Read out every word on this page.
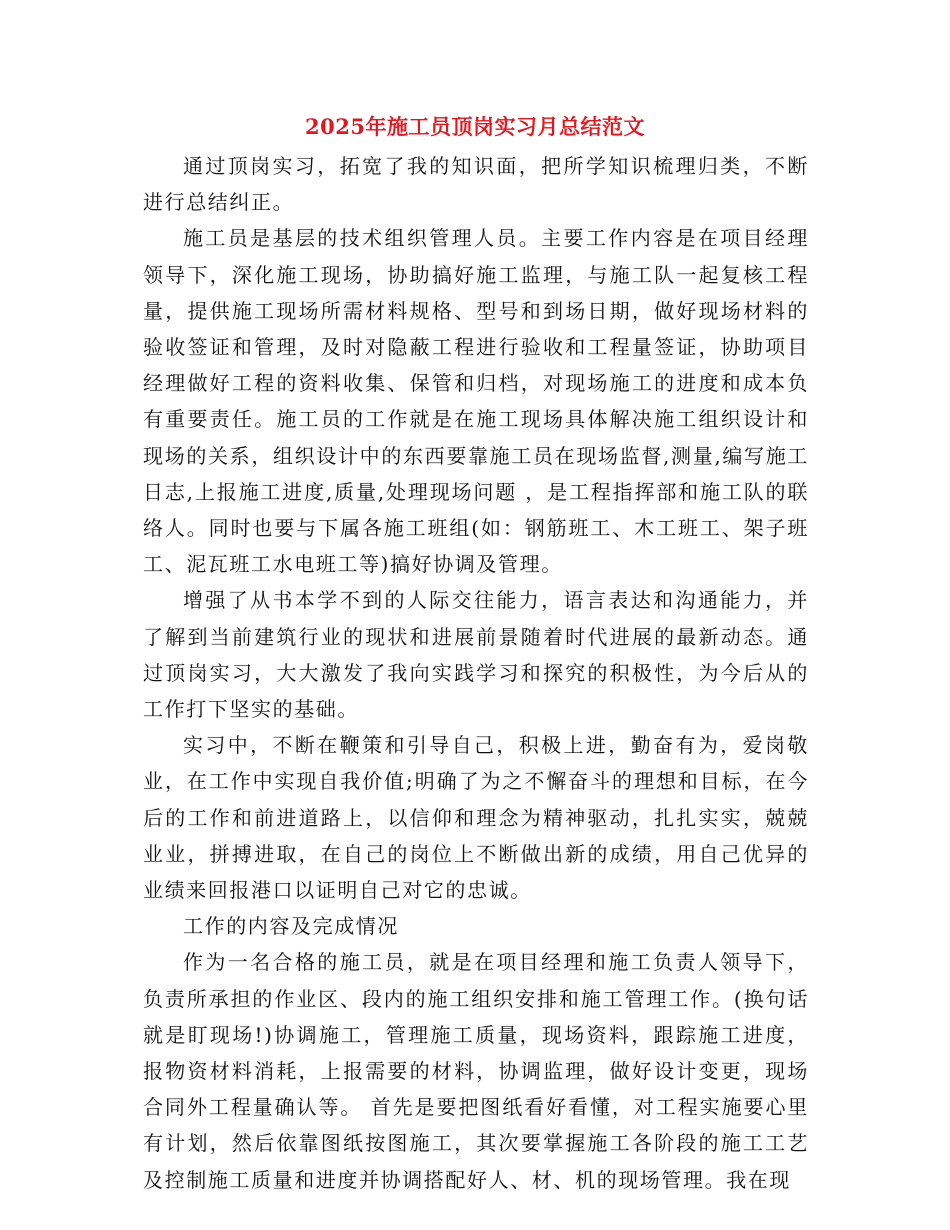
2025年施工员顶岗实习月总结范文

通过顶岗实习，拓宽了我的知识面，把所学知识梳理归类，不断进行总结纠正。

施工员是基层的技术组织管理人员。主要工作内容是在项目经理领导下，深化施工现场，协助搞好施工监理，与施工队一起复核工程量，提供施工现场所需材料规格、型号和到场日期，做好现场材料的验收签证和管理，及时对隐蔽工程进行验收和工程量签证，协助项目经理做好工程的资料收集、保管和归档，对现场施工的进度和成本负有重要责任。施工员的工作就是在施工现场具体解决施工组织设计和现场的关系，组织设计中的东西要靠施工员在现场监督,测量,编写施工日志,上报施工进度,质量,处理现场问题 ，是工程指挥部和施工队的联络人。同时也要与下属各施工班组(如：钢筋班工、木工班工、架子班工、泥瓦班工水电班工等)搞好协调及管理。

增强了从书本学不到的人际交往能力，语言表达和沟通能力，并了解到当前建筑行业的现状和进展前景随着时代进展的最新动态。通过顶岗实习，大大激发了我向实践学习和探究的积极性，为今后从的工作打下坚实的基础。

实习中，不断在鞭策和引导自己，积极上进，勤奋有为，爱岗敬业，在工作中实现自我价值;明确了为之不懈奋斗的理想和目标，在今后的工作和前进道路上，以信仰和理念为精神驱动，扎扎实实，兢兢业业，拼搏进取，在自己的岗位上不断做出新的成绩，用自己优异的业绩来回报港口以证明自己对它的忠诚。

工作的内容及完成情况

作为一名合格的施工员，就是在项目经理和施工负责人领导下，负责所承担的作业区、段内的施工组织安排和施工管理工作。(换句话就是盯现场!)协调施工，管理施工质量，现场资料，跟踪施工进度，报物资材料消耗，上报需要的材料，协调监理，做好设计变更，现场合同外工程量确认等。 首先是要把图纸看好看懂，对工程实施要心里有计划，然后依靠图纸按图施工，其次要掌握施工各阶段的施工工艺及控制施工质量和进度并协调搭配好人、材、机的现场管理。我在现
